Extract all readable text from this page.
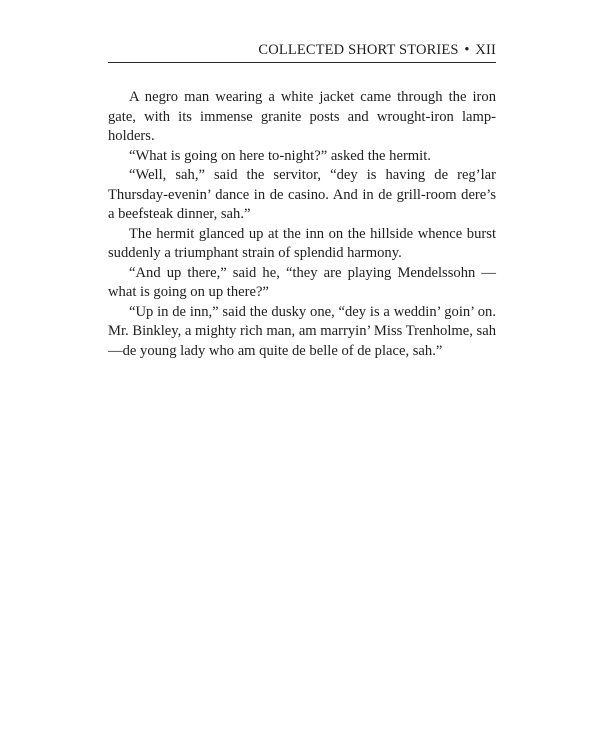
COLLECTED SHORT STORIES • XII

A negro man wearing a white jacket came through the iron gate, with its immense granite posts and wrought-iron lamp-holders.

“What is going on here to-night?” asked the hermit.

“Well, sah,” said the servitor, “dey is having de reg’lar Thursday-evenin’ dance in de casino. And in de grill-room dere’s a beefsteak dinner, sah.”

The hermit glanced up at the inn on the hillside whence burst suddenly a triumphant strain of splendid harmony.

“And up there,” said he, “they are playing Mendelssohn — what is going on up there?”

“Up in de inn,” said the dusky one, “dey is a weddin’ goin’ on. Mr. Binkley, a mighty rich man, am marryin’ Miss Trenholme, sah —de young lady who am quite de belle of de place, sah.”
